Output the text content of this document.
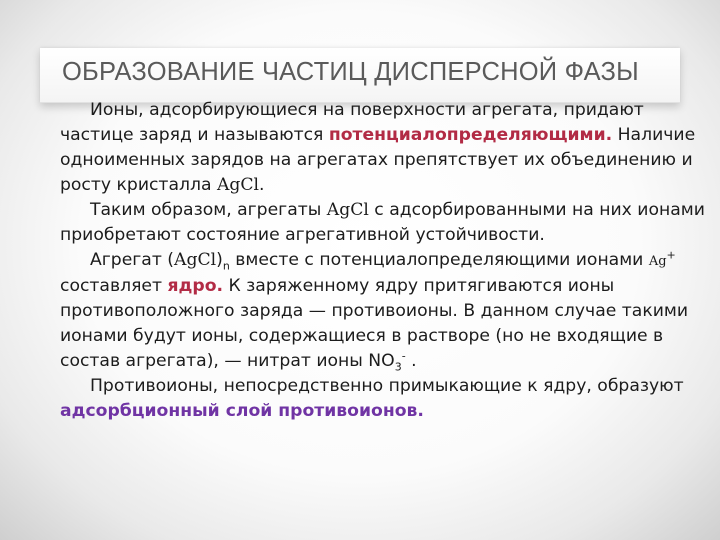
ОБРАЗОВАНИЕ ЧАСТИЦ ДИСПЕРСНОЙ ФАЗЫ

Ионы, адсорбирующиеся на поверхности агрегата, придают частице заряд и называются потенциалопределяющими. Наличие одноименных зарядов на агрегатах препятствует их объединению и росту кристалла AgCl.

Таким образом, агрегаты AgCl с адсорбированными на них ионами приобретают состояние агрегативной устойчивости.

Агрегат $(AgCl)_n$ вместе с потенциалопределяющими ионами Ag+ составляет ядро. К заряженному ядру притягиваются ионы противоположного заряда — противоионы. В данном случае такими ионами будут ионы, содержащиеся в растворе (но не входящие в состав агрегата), — нитрат ионы $NO_3^-$ .

Противоионы, непосредственно примыкающие к ядру, образуют адсорбционный слой противоионов.
